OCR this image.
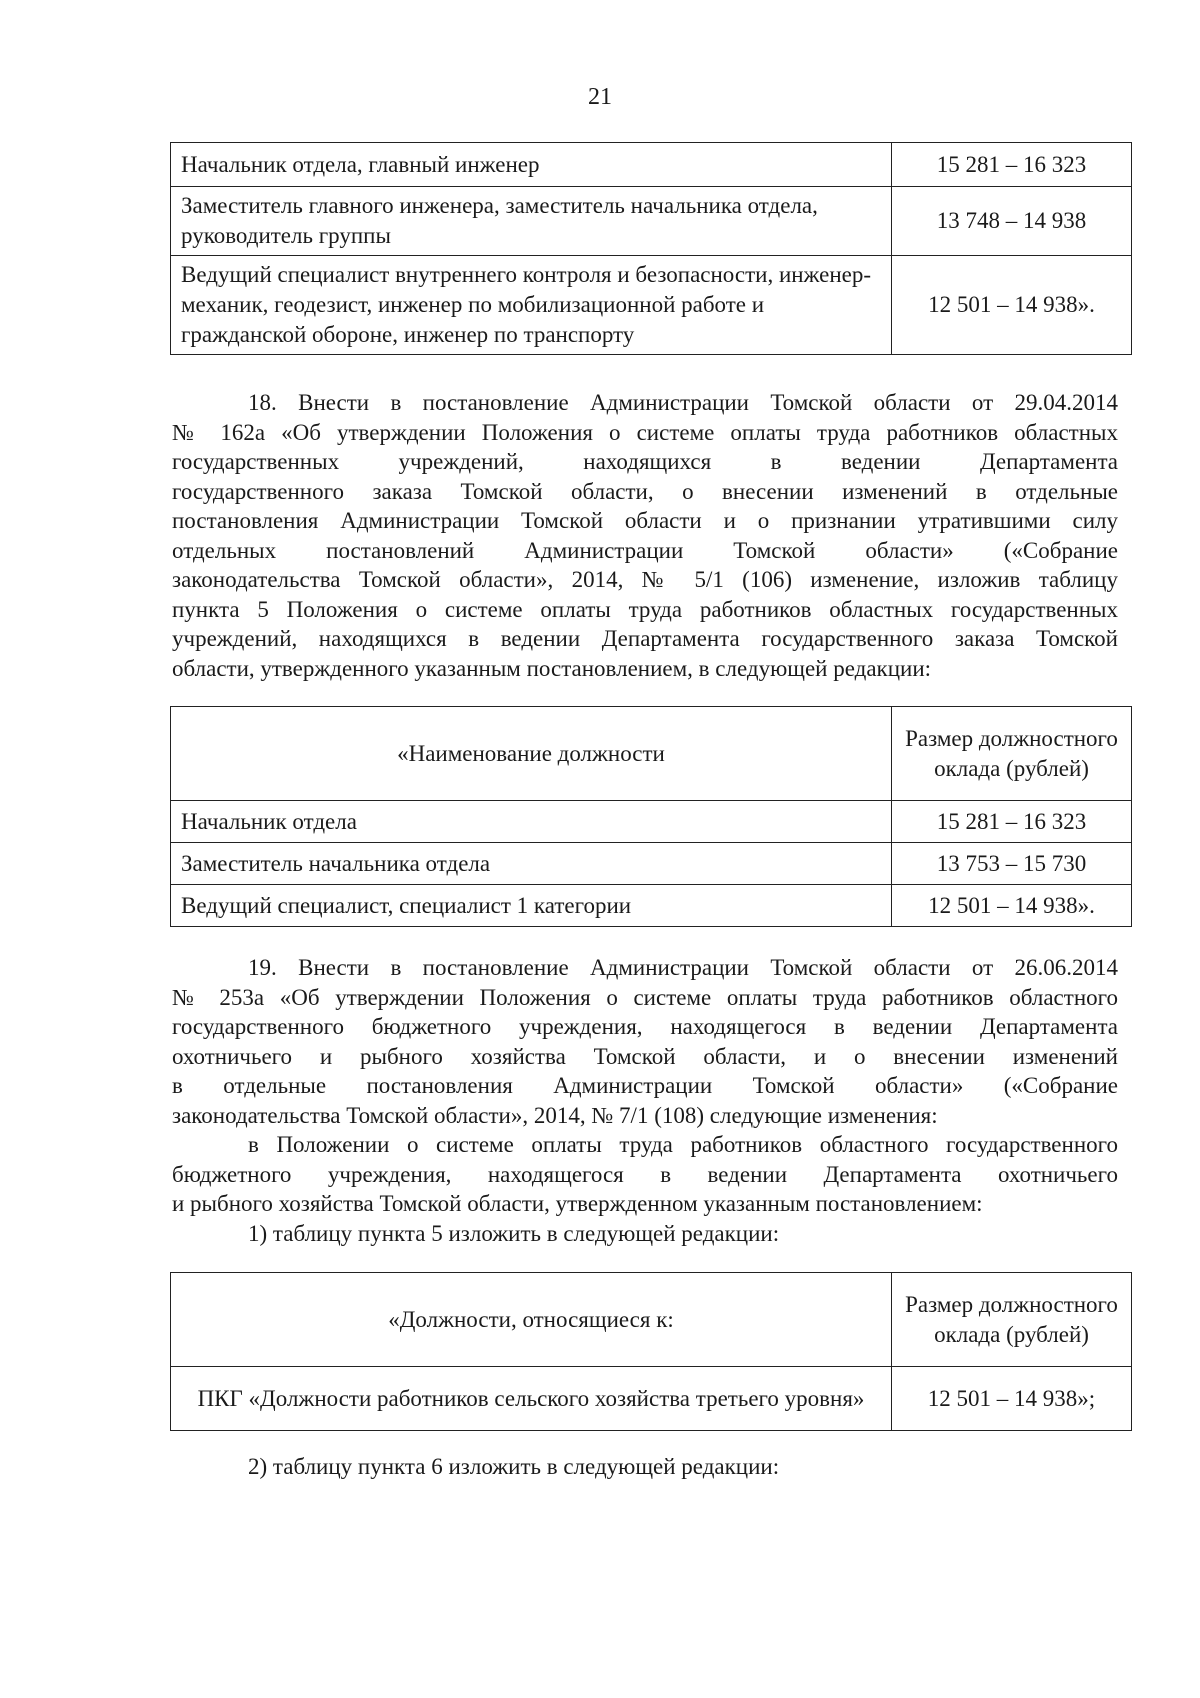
21
Начальник отдела, главный инженер	15 281 – 16 323
Заместитель главного инженера, заместитель начальника отдела, руководитель группы	13 748 – 14 938
Ведущий специалист внутреннего контроля и безопасности, инженер-механик, геодезист, инженер по мобилизационной работе и гражданской обороне, инженер по транспорту	12 501 – 14 938».
18. Внести в постановление Администрации Томской области от 29.04.2014
№ 162а «Об утверждении Положения о системе оплаты труда работников областных
государственных учреждений, находящихся в ведении Департамента
государственного заказа Томской области, о внесении изменений в отдельные
постановления Администрации Томской области и о признании утратившими силу
отдельных постановлений Администрации Томской области» («Собрание
законодательства Томской области», 2014, № 5/1 (106) изменение, изложив таблицу
пункта 5 Положения о системе оплаты труда работников областных государственных
учреждений, находящихся в ведении Департамента государственного заказа Томской
области, утвержденного указанным постановлением, в следующей редакции:
«Наименование должности	Размер должностного оклада (рублей)
Начальник отдела	15 281 – 16 323
Заместитель начальника отдела	13 753 – 15 730
Ведущий специалист, специалист 1 категории	12 501 – 14 938».
19. Внести в постановление Администрации Томской области от 26.06.2014
№ 253а «Об утверждении Положения о системе оплаты труда работников областного
государственного бюджетного учреждения, находящегося в ведении Департамента
охотничьего и рыбного хозяйства Томской области, и о внесении изменений
в отдельные постановления Администрации Томской области» («Собрание
законодательства Томской области», 2014, № 7/1 (108) следующие изменения:
в Положении о системе оплаты труда работников областного государственного
бюджетного учреждения, находящегося в ведении Департамента охотничьего
и рыбного хозяйства Томской области, утвержденном указанным постановлением:
1) таблицу пункта 5 изложить в следующей редакции:
«Должности, относящиеся к:	Размер должностного оклада (рублей)
ПКГ «Должности работников сельского хозяйства третьего уровня»	12 501 – 14 938»;
2) таблицу пункта 6 изложить в следующей редакции:
